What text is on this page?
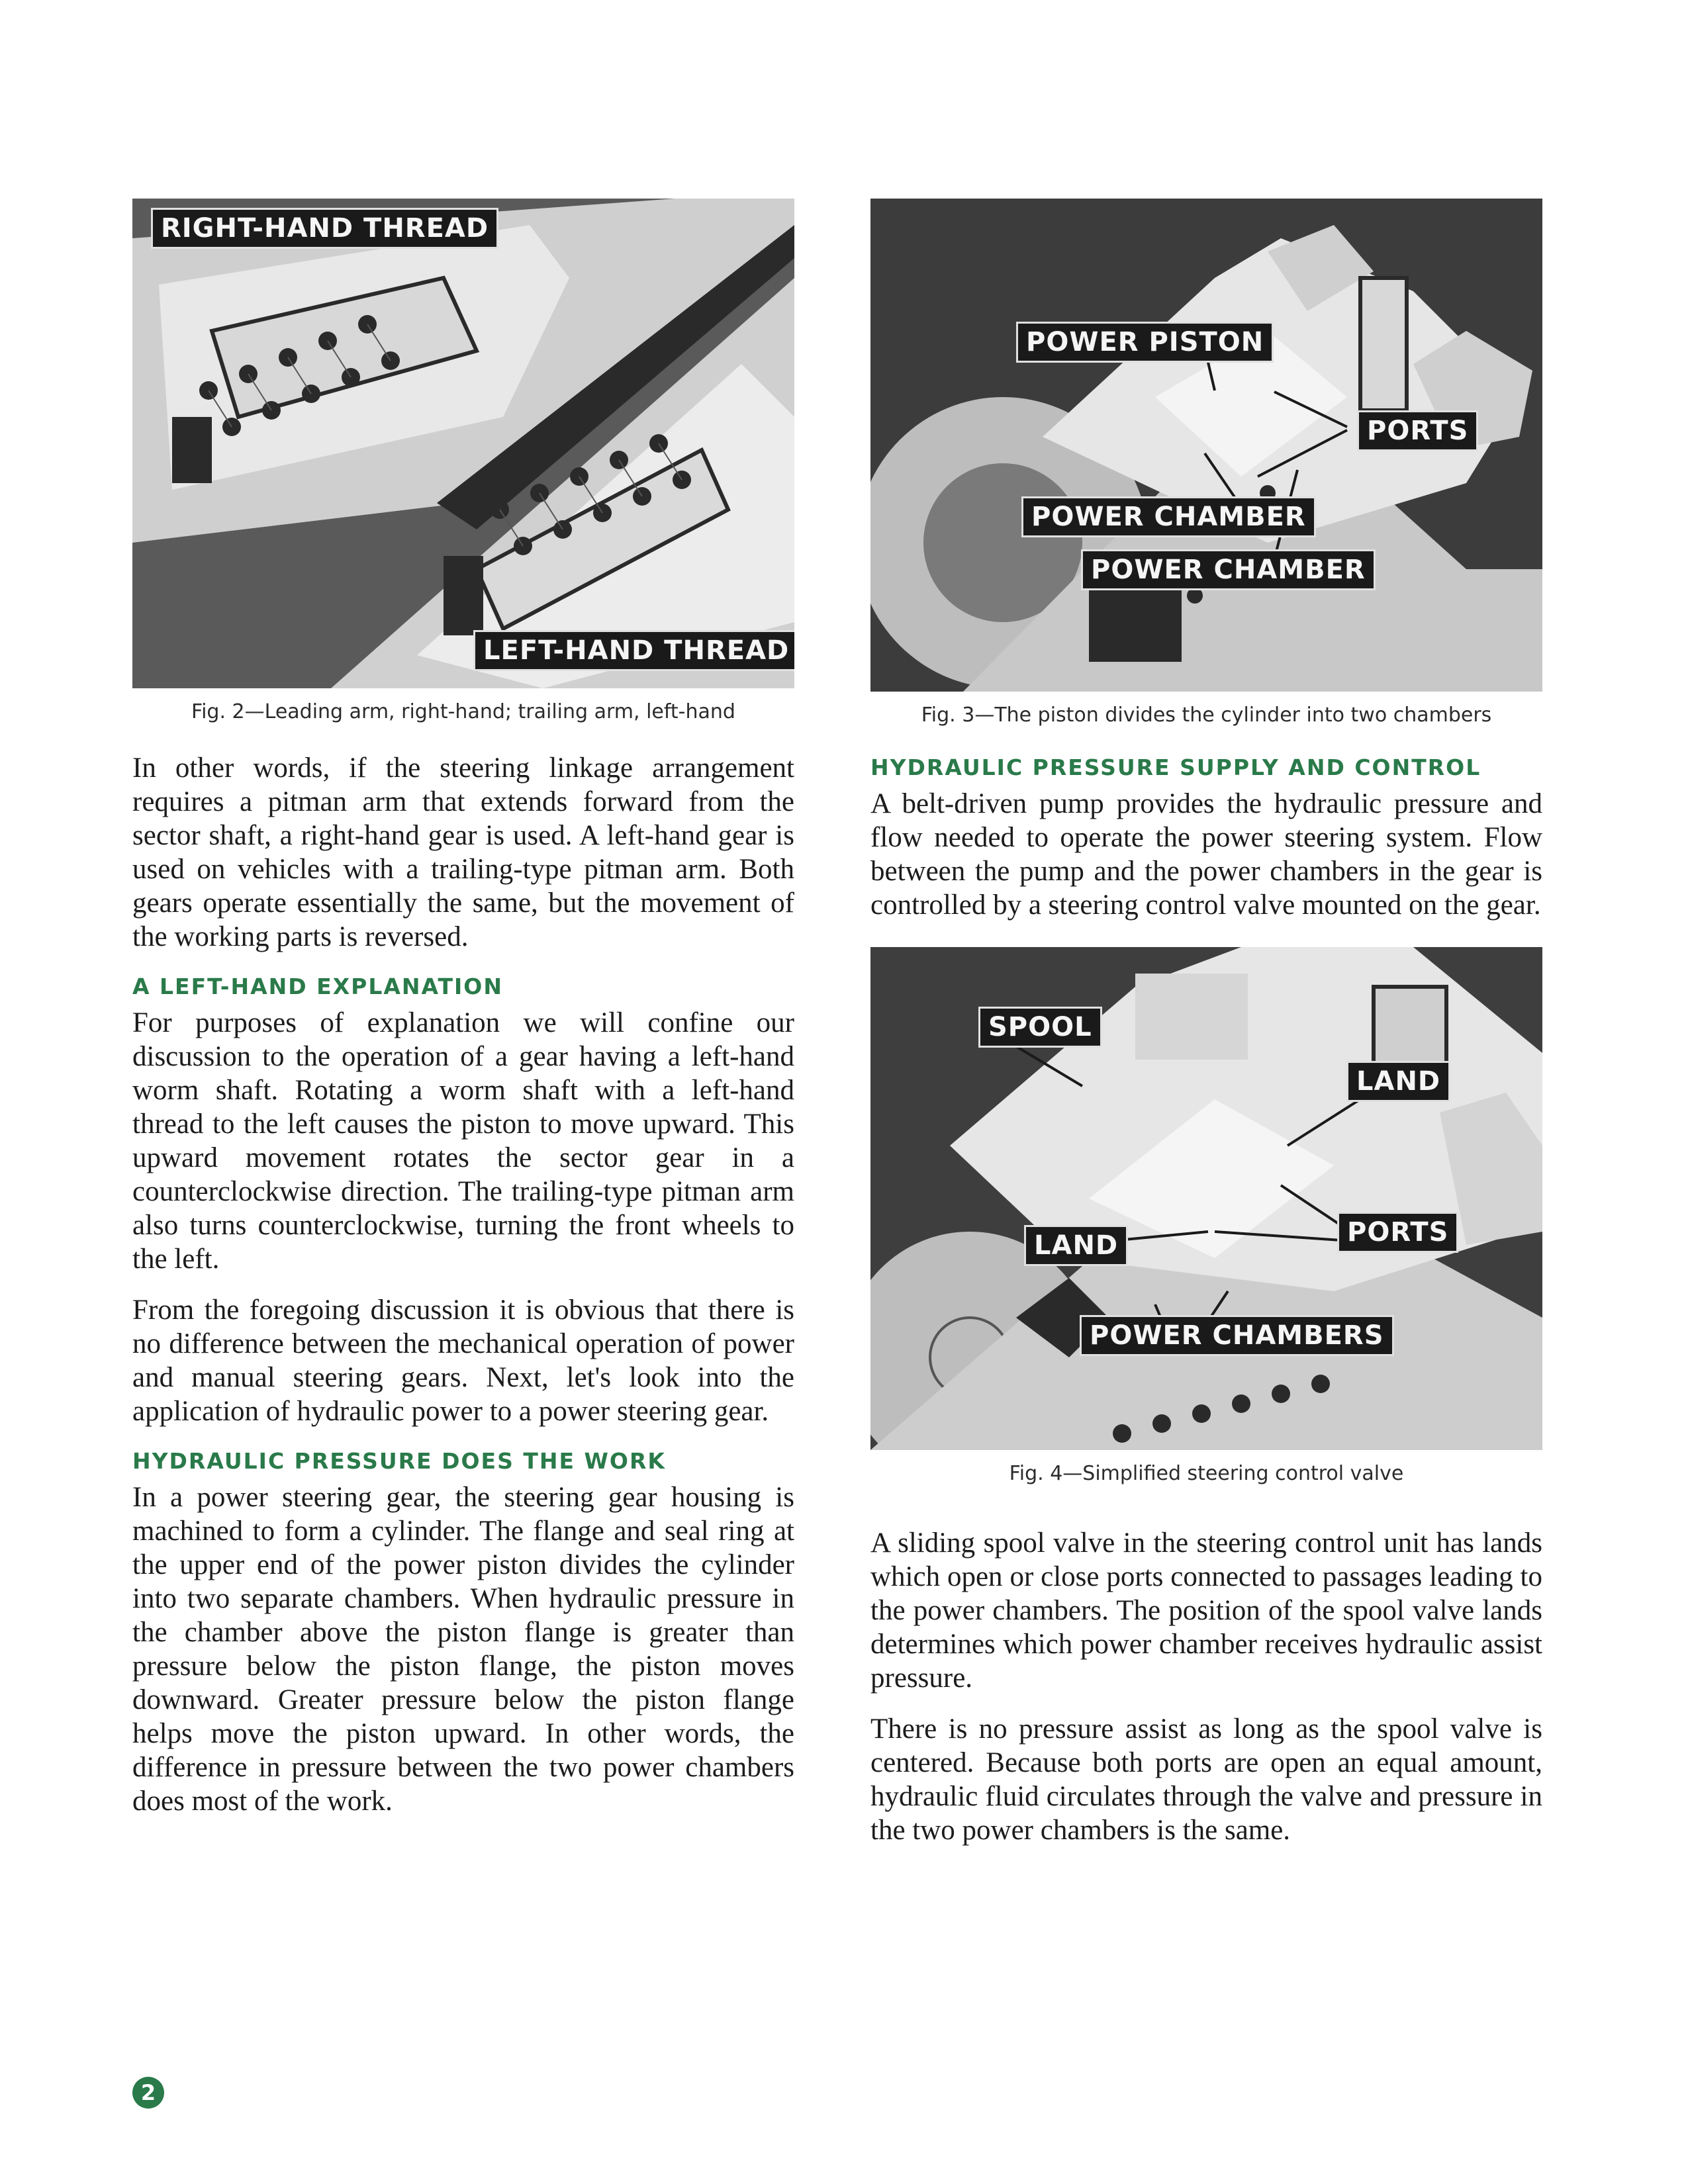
RIGHT-HAND THREAD
LEFT-HAND THREAD
Fig. 2—Leading arm, right-hand; trailing arm, left-hand

In other words, if the steering linkage arrangement requires a pitman arm that extends forward from the sector shaft, a right-hand gear is used. A left-hand gear is used on vehicles with a trailing-type pitman arm. Both gears operate essentially the same, but the movement of the working parts is reversed.

A LEFT-HAND EXPLANATION

For purposes of explanation we will confine our discussion to the operation of a gear having a left-hand worm shaft. Rotating a worm shaft with a left-hand thread to the left causes the piston to move upward. This upward movement rotates the sector gear in a counterclockwise direction. The trailing-type pitman arm also turns counterclockwise, turning the front wheels to the left.

From the foregoing discussion it is obvious that there is no difference between the mechanical operation of power and manual steering gears. Next, let's look into the application of hydraulic power to a power steering gear.

HYDRAULIC PRESSURE DOES THE WORK

In a power steering gear, the steering gear housing is machined to form a cylinder. The flange and seal ring at the upper end of the power piston divides the cylinder into two separate chambers. When hydraulic pressure in the chamber above the piston flange is greater than pressure below the piston flange, the piston moves downward. Greater pressure below the piston flange helps move the piston upward. In other words, the difference in pressure between the two power chambers does most of the work.

POWER PISTON
PORTS
POWER CHAMBER
POWER CHAMBER
Fig. 3—The piston divides the cylinder into two chambers
HYDRAULIC PRESSURE SUPPLY AND CONTROL

A belt-driven pump provides the hydraulic pressure and flow needed to operate the power steering system. Flow between the pump and the power chambers in the gear is controlled by a steering control valve mounted on the gear.

SPOOL
LAND
LAND	PORTS
POWER CHAMBERS
Fig. 4—Simplified steering control valve

A sliding spool valve in the steering control unit has lands which open or close ports connected to passages leading to the power chambers. The position of the spool valve lands determines which power chamber receives hydraulic assist pressure.

There is no pressure assist as long as the spool valve is centered. Because both ports are open an equal amount, hydraulic fluid circulates through the valve and pressure in the two power chambers is the same.

2
